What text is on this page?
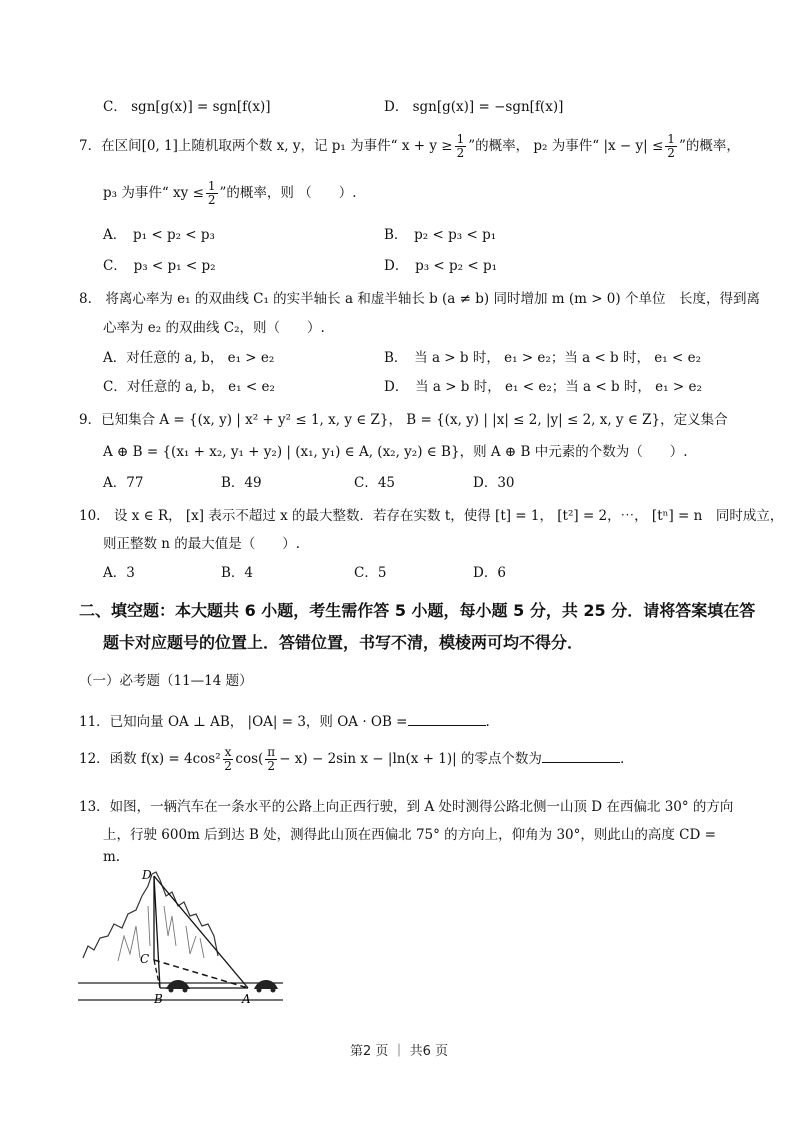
C． sgn[g(x)] = sgn[f(x)]	D． sgn[g(x)] = −sgn[f(x)]
7．在区间[0, 1]上随机取两个数 x, y，记 p₁ 为事件“ $x + y \ge \frac{1}{2}$ ”的概率， p₂ 为事件“ $|x - y| \le \frac{1}{2}$ ”的概率，
p₃ 为事件“ xy ≤ $\frac{1}{2}$ ”的概率，则 （　　）.
A．　p₁ < p₂ < p₃	B．　p₂ < p₃ < p₁
C．　p₃ < p₁ < p₂	D．　p₃ < p₂ < p₁
8.　将离心率为 e₁ 的双曲线 C₁ 的实半轴长 a 和虚半轴长 b (a ≠ b) 同时增加 m (m > 0) 个单位　长度，得到离
心率为 e₂ 的双曲线 C₂，则（　　）.
A．对任意的 a, b， e₁ > e₂	B．　当 a > b 时， e₁ > e₂；当 a < b 时， e₁ < e₂
C．对任意的 a, b， e₁ < e₂	D．　当 a > b 时， e₁ < e₂；当 a < b 时， e₁ > e₂
9．已知集合 A = {(x, y) | x² + y² ≤ 1, x, y ∈ Z}， B = {(x, y) | |x| ≤ 2, |y| ≤ 2, x, y ∈ Z}，定义集合
A ⊕ B = {(x₁ + x₂, y₁ + y₂) | (x₁, y₁) ∈ A, (x₂, y₂) ∈ B}，则 A ⊕ B 中元素的个数为（　　）.
A．77	B．49	C．45	D．30
10.　设 x ∈ R， [x] 表示不超过 x 的最大整数．若存在实数 t，使得 [t] = 1， [t²] = 2，⋯， [tⁿ] = n　同时成立，
则正整数 n 的最大值是（　　）.
A．3	B．4	C．5	D．6
二、填空题：本大题共 6 小题，考生需作答 5 小题，每小题 5 分，共 25 分．请将答案填在答
题卡对应题号的位置上．答错位置，书写不清，模棱两可均不得分．
（一）必考题（11—14 题）
11．已知向量 OA ⊥ AB， |OA| = 3，则 OA · OB =	.
12．函数 $f(x) = 4\cos^2 \frac{x}{2} \cos( \frac{\pi}{2} - x) - 2\sin$ x − |ln(x + 1)| 的零点个数为	.
13．如图，一辆汽车在一条水平的公路上向正西行驶，到 A 处时测得公路北侧一山顶 D 在西偏北 30° 的方向
上，行驶 600m 后到达 B 处，测得此山顶在西偏北 75° 的方向上，仰角为 30°，则此山的高度 CD =
m.
D
C
B	A
第2 页 ｜ 共6 页
